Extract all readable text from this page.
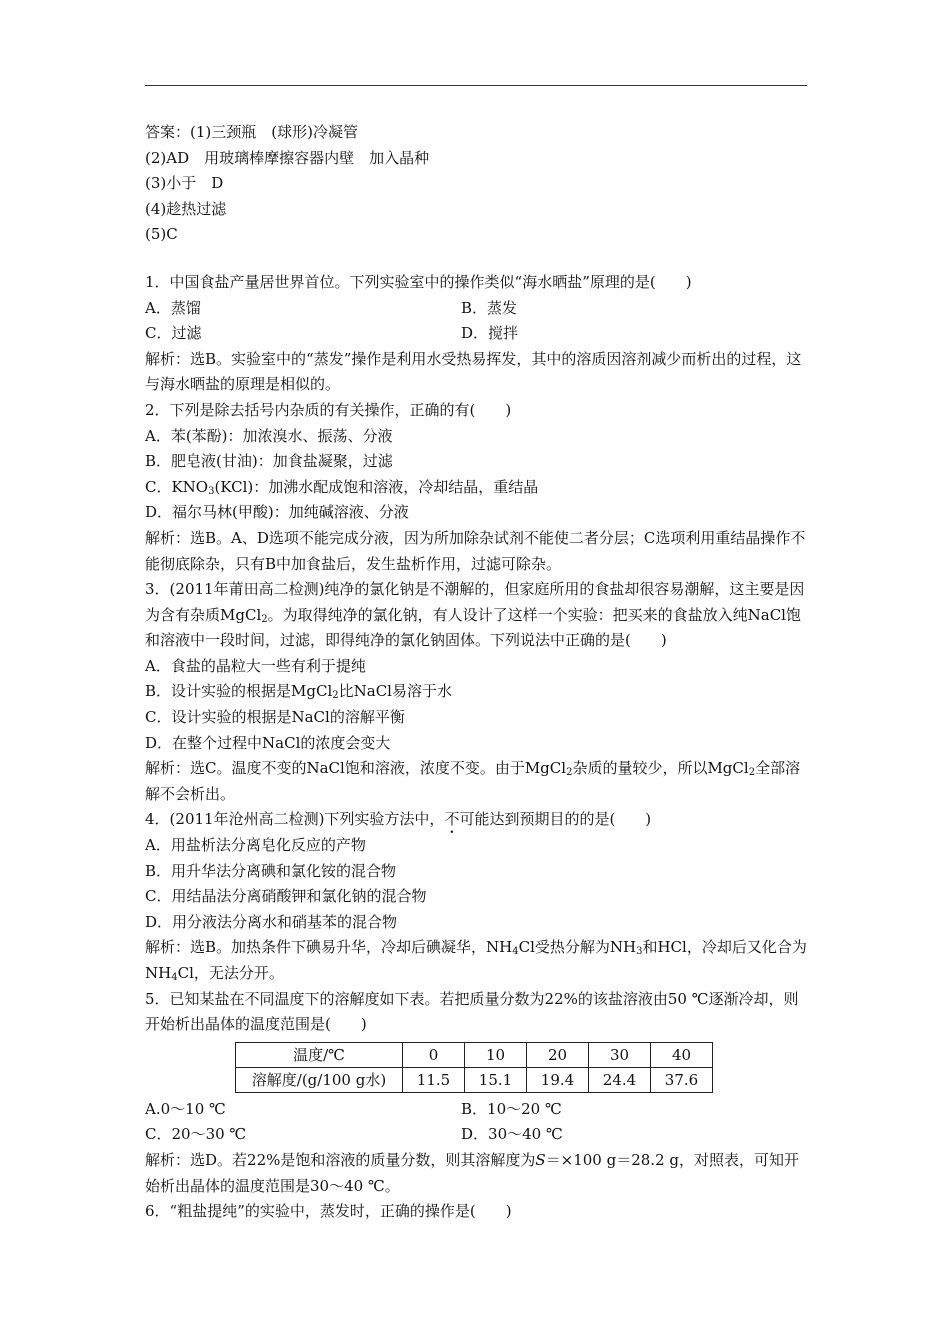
答案：(1)三颈瓶　(球形)冷凝管
(2)AD　用玻璃棒摩擦容器内壁　加入晶种
(3)小于　D
(4)趁热过滤
(5)C
1．中国食盐产量居世界首位。下列实验室中的操作类似“海水晒盐”原理的是(　　)
A．蒸馏	B．蒸发
C．过滤	D．搅拌
解析：选B。实验室中的“蒸发”操作是利用水受热易挥发，其中的溶质因溶剂减少而析出的过程，这与海水晒盐的原理是相似的。
2．下列是除去括号内杂质的有关操作，正确的有(　　)
A．苯(苯酚)：加浓溴水、振荡、分液
B．肥皂液(甘油)：加食盐凝聚，过滤
C．$KNO_3(KCl)$：加沸水配成饱和溶液，冷却结晶，重结晶
D．福尔马林(甲酸)：加纯碱溶液、分液
解析：选B。A、D选项不能完成分液，因为所加除杂试剂不能使二者分层；C选项利用重结晶操作不能彻底除杂，只有B中加食盐后，发生盐析作用，过滤可除杂。
3．(2011年莆田高二检测)纯净的氯化钠是不潮解的，但家庭所用的食盐却很容易潮解，这主要是因为含有杂质MgCl$_2$。为取得纯净的氯化钠，有人设计了这样一个实验：把买来的食盐放入纯NaCl饱和溶液中一段时间，过滤，即得纯净的氯化钠固体。下列说法中正确的是(　　)
A．食盐的晶粒大一些有利于提纯
B．设计实验的根据是MgCl$_2$比NaCl易溶于水
C．设计实验的根据是NaCl的溶解平衡
D．在整个过程中NaCl的浓度会变大
解析：选C。温度不变的NaCl饱和溶液，浓度不变。由于MgCl$_2$杂质的量较少，所以MgCl$_2$全部溶解不会析出。
4．(2011年沧州高二检测)下列实验方法中，不可能达到预期目的的是(　　)
A．用盐析法分离皂化反应的产物
B．用升华法分离碘和氯化铵的混合物
C．用结晶法分离硝酸钾和氯化钠的混合物
D．用分液法分离水和硝基苯的混合物
解析：选B。加热条件下碘易升华，冷却后碘凝华，$NH_4Cl$受热分解为$NH_3$和HCl，冷却后又化合为$NH_4Cl$，无法分开。
5．已知某盐在不同温度下的溶解度如下表。若把质量分数为22%的该盐溶液由50 ℃逐渐冷却，则开始析出晶体的温度范围是(　　)
温度/℃	0	10	20	30	40
溶解度/(g/100 g水)	11.5	15.1	19.4	24.4	37.6
A.0～10 ℃	B．10～20 ℃
C．20～30 ℃	D．30～40 ℃
解析：选D。若22%是饱和溶液的质量分数，则其溶解度为S＝×100 g＝28.2 g，对照表，可知开始析出晶体的温度范围是30～40 ℃。
6．“粗盐提纯”的实验中，蒸发时，正确的操作是(　　)
